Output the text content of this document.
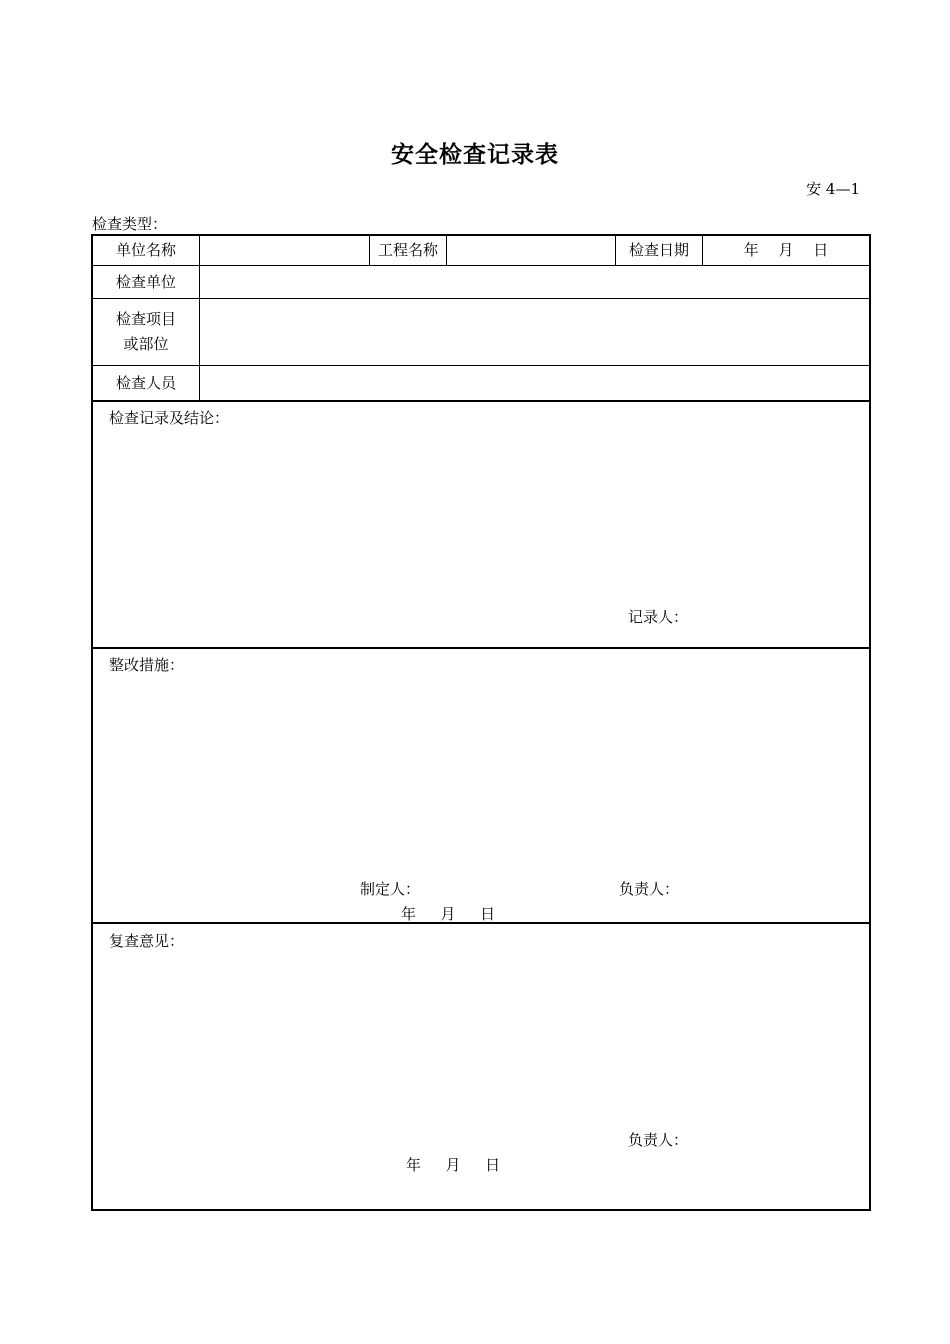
安全检查记录表
安 4—1
检查类型：
单位名称	工程名称	检查日期	年　 月　 日
检查单位
检查项目
或部位
检查人员
检查记录及结论：
记录人：
整改措施：
制定人：	负责人：
年　  月　  日
复查意见：
负责人：
年　  月　  日
